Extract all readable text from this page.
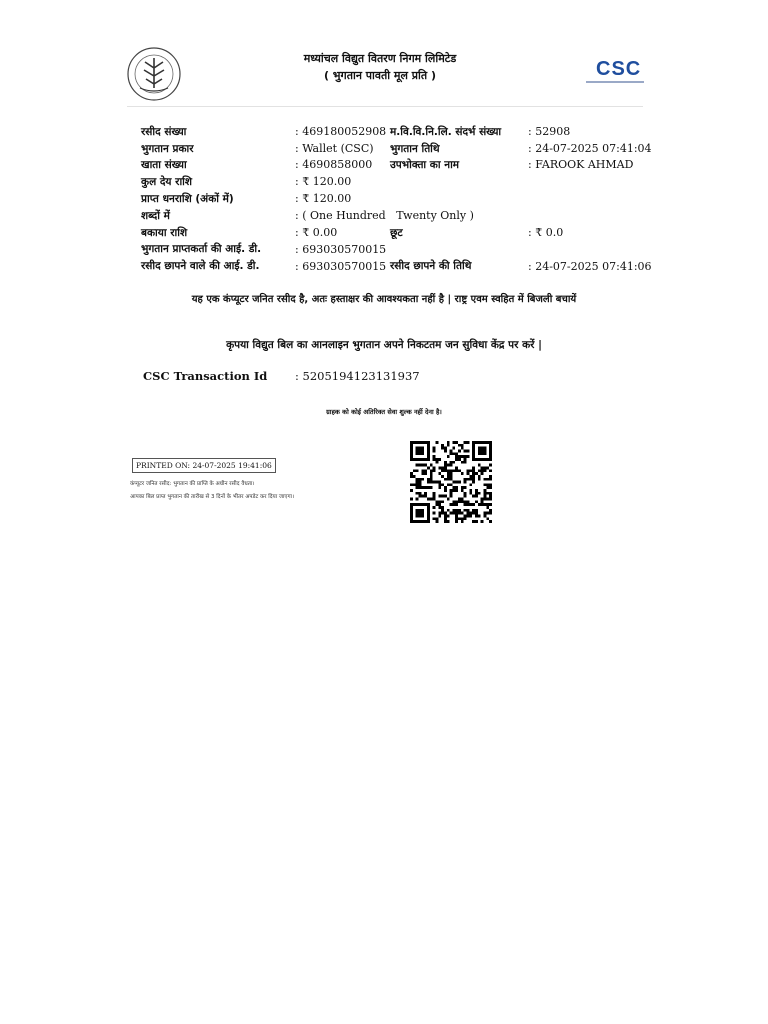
मध्यांचल विद्युत वितरण निगम लिमिटेड
( भुगतान पावती मूल प्रति )	CSC
रसीद संख्या	: 469180052908 म.वि.वि.नि.लि. संदर्भ संख्या : 52908
भुगतान प्रकार	: Wallet (CSC) भुगतान तिथि	: 24-07-2025 07:41:04
खाता संख्या	: 4690858000 उपभोक्ता का नाम	: FAROOK AHMAD
कुल देय राशि	: ₹ 120.00
प्राप्त धनराशि (अंकों में)	: ₹ 120.00
शब्दों में	: ( One Hundred   Twenty Only )
बकाया राशि	: ₹ 0.00	छूट	: ₹ 0.0
भुगतान प्राप्तकर्ता की आई. डी.	: 693030570015
रसीद छापने वाले की आई. डी.	: 693030570015 रसीद छापने की तिथि	: 24-07-2025 07:41:06
यह एक कंप्यूटर जनित रसीद है, अतः हस्ताक्षर की आवश्यकता नहीं है | राष्ट्र एवम स्वहित में बिजली बचायें
कृपया विद्युत बिल का आनलाइन भुगतान अपने निकटतम जन सुविधा केंद्र पर करें |
CSC Transaction Id : 5205194123131937
ग्राहक को कोई अतिरिक्त सेवा शुल्क नहीं देना है।
PRINTED ON: 24-07-2025 19:41:06
कंप्यूटर जनित रसीद: भुगतान की प्राप्ति के अधीन रसीद वैधता।
आपका बिल प्राप्त भुगतान की तारीख से 3 दिनों के भीतर अपडेट कर दिया जाएगा।
